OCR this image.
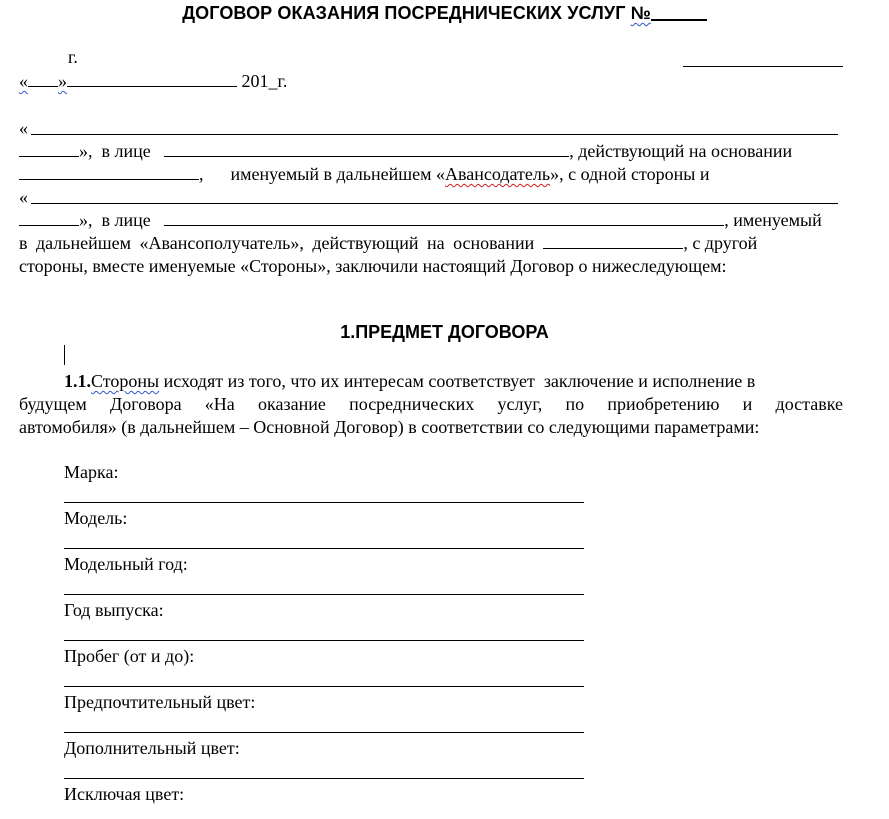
ДОГОВОР ОКАЗАНИЯ ПОСРЕДНИЧЕСКИХ УСЛУГ №
г.
« »	201_г.
«
», в лице	, действующий на основании
,      именуемый в дальнейшем «Авансодатель», с одной стороны и
«
», в лице	, именуемый
в дальнейшем «Авансополучатель», действующий на основании	, с другой
стороны, вместе именуемые «Стороны», заключили настоящий Договор о нижеследующем:
1.ПРЕДМЕТ ДОГОВОРА
1.1.Стороны исходят из того, что их интересам соответствует  заключение и исполнение в
будущем Договора «На оказание посреднических услуг, по приобретению и доставке
автомобиля» (в дальнейшем – Основной Договор) в соответствии со следующими параметрами:
Марка:
Модель:
Модельный год:
Год выпуска:
Пробег (от и до):
Предпочтительный цвет:
Дополнительный цвет:
Исключая цвет:
